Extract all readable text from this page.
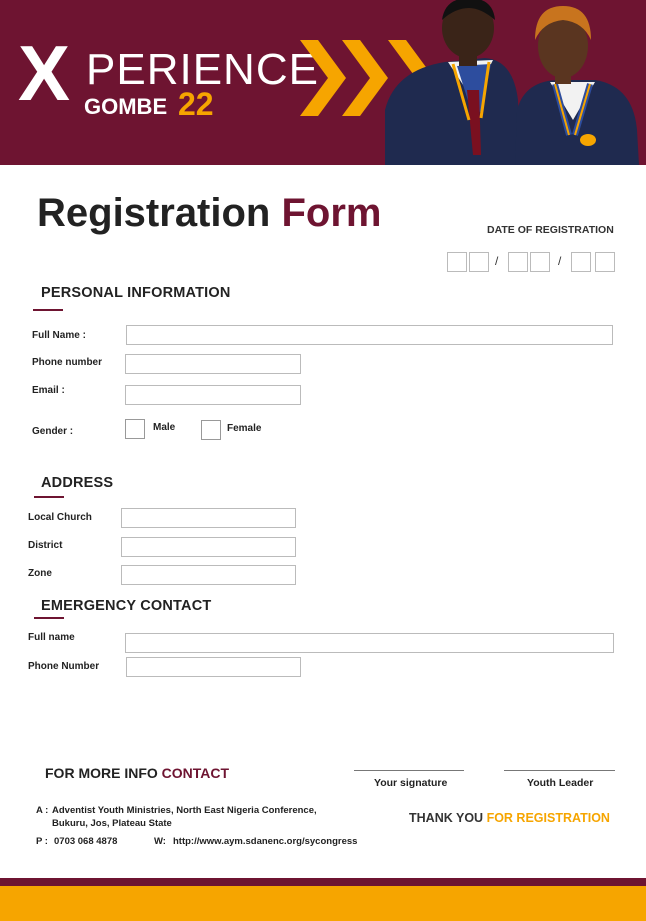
X PERIENCE
GOMBE 22
Registration Form	DATE OF REGISTRATION
/	/
PERSONAL INFORMATION
Full Name :
Phone number
Email :
Gender :	Male	Female
ADDRESS
Local Church
District
Zone
EMERGENCY CONTACT
Full name
Phone Number
FOR MORE INFO CONTACT
A : Adventist Youth Ministries, North East Nigeria Conference,
Bukuru, Jos, Plateau State
P : 0703 068 4878	W: http://www.aym.sdanenc.org/sycongress
Your signature	Youth Leader
THANK YOU FOR REGISTRATION
